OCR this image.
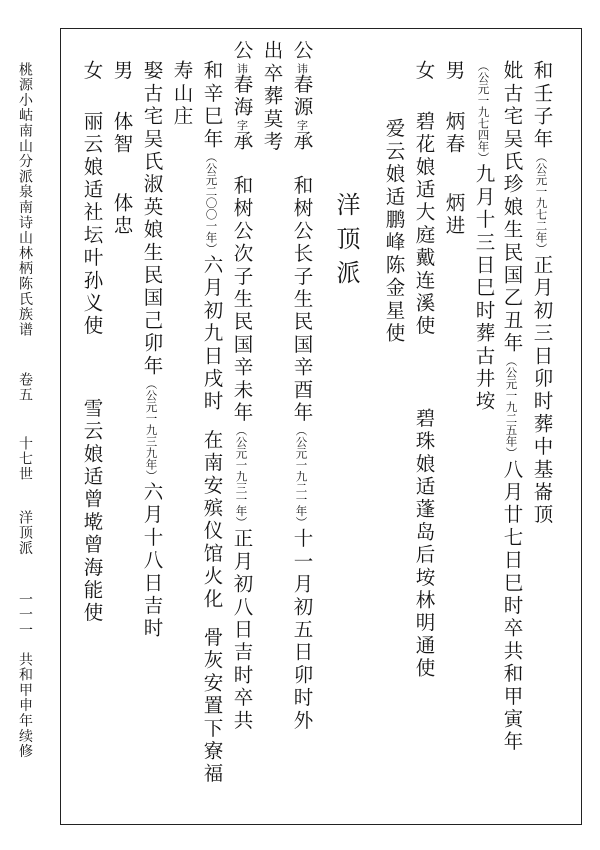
桃源小岵南山分派泉南诗山林柄陈氏族谱
卷五
十七世
洋顶派
一一一
共和甲申年续修
洋顶派
和壬子年（公元一九七二年）正月初三日卯时葬中基崙顶
妣古宅吴氏珍娘生民国乙丑年（公元一九二五年）八月廿七日巳时卒共和甲寅年
（公元一九七四年）九月十三日巳时葬古井垵
男炳春炳进
女碧花娘适大庭戴连溪使碧珠娘适蓬岛后垵林明通使
爱云娘适鹏峰陈金星使
公讳春源字承和树公长子生民国辛酉年（公元一九二一年）十一月初五日卯时外
出卒葬莫考
公讳春海字承和树公次子生民国辛未年（公元一九三一年）正月初八日吉时卒共
和辛巳年（公元二〇〇一年）六月初九日戌时在南安殡仪馆火化骨灰安置下寮福
寿山庄
娶古宅吴氏淑英娘生民国己卯年（公元一九三九年）六月十八日吉时
男体智体忠
女丽云娘适社坛叶孙义使雪云娘适曾墘曾海能使
